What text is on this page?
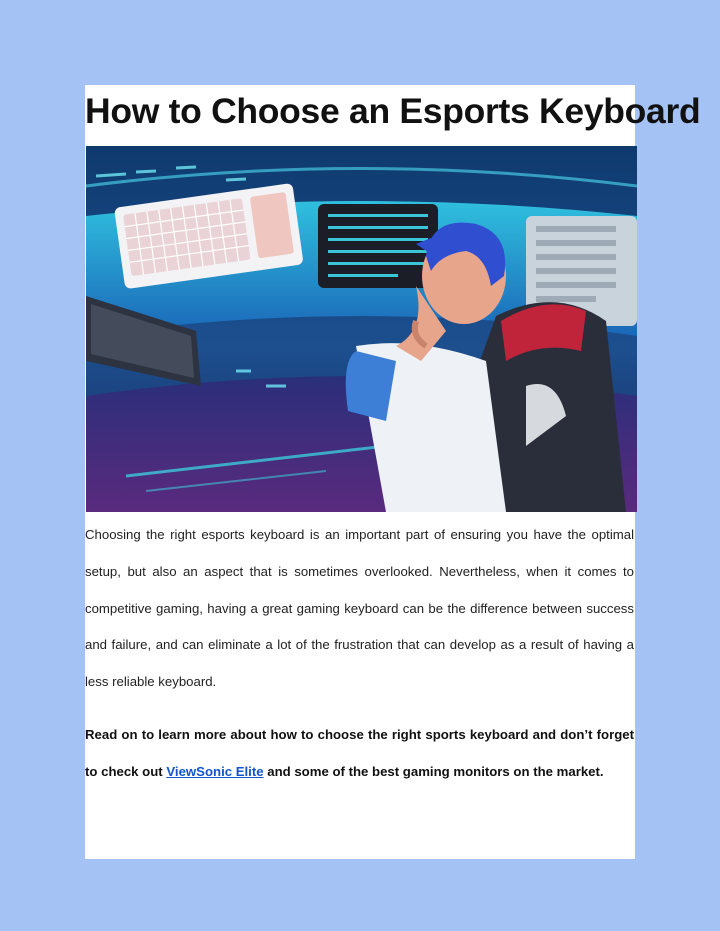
How to Choose an Esports Keyboard

Choosing the right esports keyboard is an important part of ensuring you have the optimal setup, but also an aspect that is sometimes overlooked. Nevertheless, when it comes to competitive gaming, having a great gaming keyboard can be the difference between success and failure, and can eliminate a lot of the frustration that can develop as a result of having a less reliable keyboard.

Read on to learn more about how to choose the right sports keyboard and don’t forget to check out ViewSonic Elite and some of the best gaming monitors on the market.
